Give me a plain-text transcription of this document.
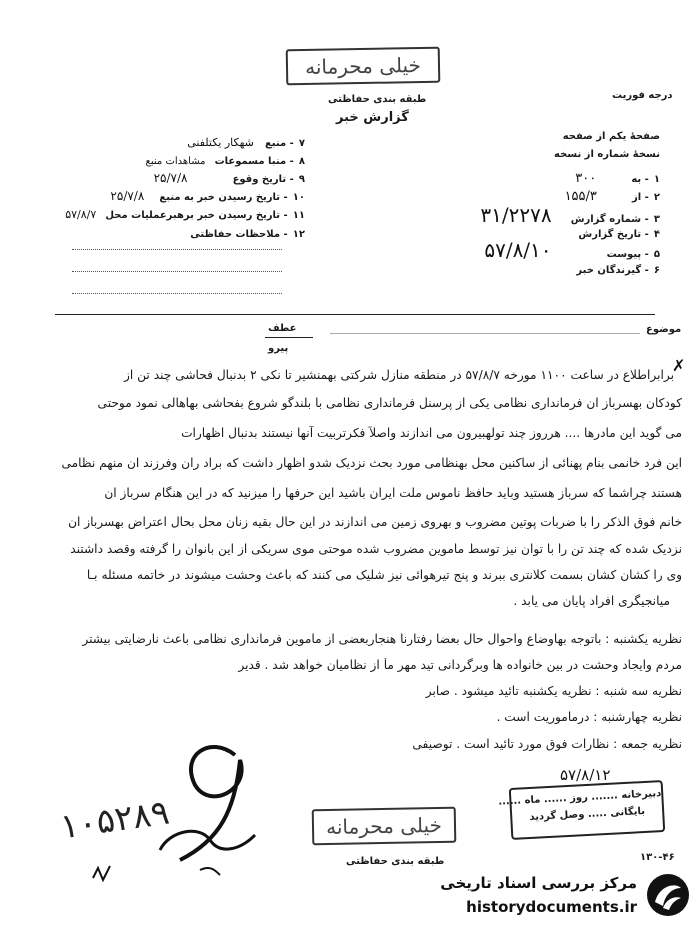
خیلی محرمانه
طبقه بندی حفاظتی	درجه فوریت
گزارش خبر
صفحهٔ یکم از صفحه
نسخهٔ شماره از نسخه
۱ - به ۳۰۰
۲ - از ۱۵۵/۳
۳ - شماره گزارش ۳۱/۲۲۷۸
۴ - تاریخ گزارش
۵ - پیوست ۵۷/۸/۱۰
۶ - گیرندگان خبر
۷ - منبع شهکار یکتلفنی
۸ - منبا مسموعات مشاهدات منبع
۹ - تاریخ وقوع ۲۵/۷/۸
۱۰ - تاریخ رسیدن خبر به منبع ۲۵/۷/۸
۱۱ - تاریخ رسیدن خبر برهبرعملیات محل ۵۷/۸/۷
۱۲ - ملاحظات حفاظتی
موضوع
عطف
پیرو
✗
برابراطلاع در ساعت ۱۱۰۰ مورخه ۵۷/۸/۷ در منطقه منازل شرکتی بهمنشیر تا نکی ۲ بدنبال فحاشی چند تن از
کودکان بهسرباز ان فرمانداری نظامی یکی از پرسنل فرمانداری نظامی با بلندگو شروع بفحاشی بهاهالی نمود موحتی
می گوید این مادرها .... هرروز چند تولهبیرون می اندازند واصلاً فکرتربیت آنها نیستند بدنبال اظهارات
این فرد خانمی بنام پهنائی از ساکنین محل بهنظامی مورد بحث نزدیک شدو اظهار داشت که براد ران وفرزند ان منهم نظامی
هستند چراشما که سرباز هستید وباید حافظ ناموس ملت ایران باشید این حرفها را میزنید که در این هنگام سرباز ان
خانم فوق الذکر را با ضربات پوتین مضروب و بهروی زمین می اندازند در این حال بقیه زنان محل بحال اعتراض بهسرباز ان
نزدیک شده که چند تن را با توان نیز توسط ماموین مضروب شده موحتی موی سریکی از این بانوان را گرفته وقصد داشتند
وی را کشان کشان بسمت کلانتری ببرند و پنج تیرهوائی نیز شلیک می کنند که باعث وحشت میشوند در خاتمه مسئله بـا
میانجیگری افراد پایان می یابد .
نظریه یکشنبه : باتوجه بهاوضاع واحوال حال بعضا رفتارنا هنجاربعضی از ماموین فرمانداری نظامی باعث نارضایتی بیشتر
مردم وایجاد وحشت در بین خانواده ها وبرگردانی تید مهر مأ از نظامیان خواهد شد . قدیر
نظریه سه شنبه : نظریه یکشنبه تائید میشود . صابر
نظریه چهارشنبه : درماموریت است .
نظریه جمعه : نظارات فوق مورد تائید است . توصیفی
۵۷/۸/۱۲
دبیرخانه ....... روز ...... ماه ......
بایگانی ..... وصل گردید
۱۰۵۲۸۹	خیلی محرمانه
طبقه بندی حفاظتی	۱۳۰-۴۶
مرکز بررسی اسناد تاریخی
historydocuments.ir
